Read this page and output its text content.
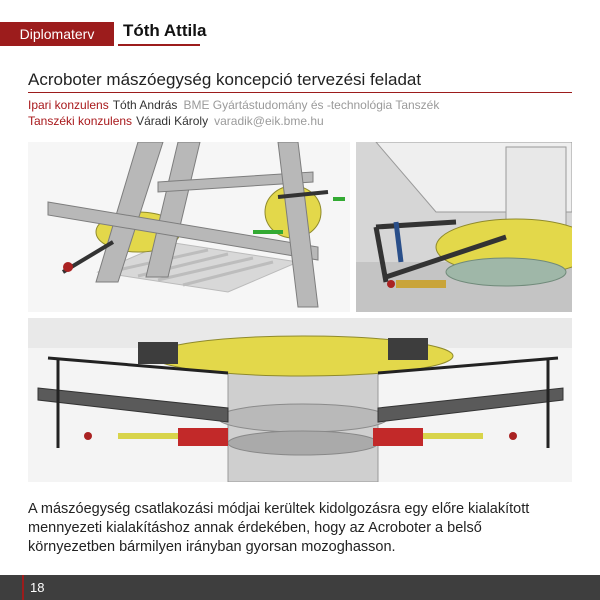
Diplomaterv	Tóth Attila
Acroboter mászóegység koncepció tervezési feladat
Ipari konzulens Tóth András BME Gyártástudomány és -technológia Tanszék
Tanszéki konzulens Váradi Károly varadik@eik.bme.hu
A mászóegység csatlakozási módjai kerültek kidolgozásra egy előre kialakított mennyezeti kialakításhoz annak érdekében, hogy az Acroboter a belső környezetben bármilyen irányban gyorsan mozoghasson.
18
